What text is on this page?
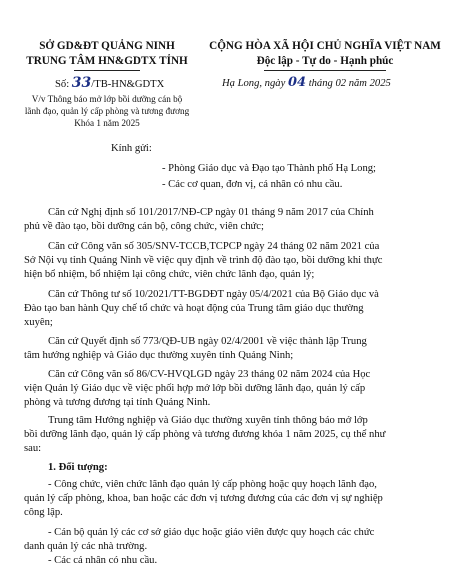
SỞ GD&ĐT QUẢNG NINH
TRUNG TÂM HN&GDTX TỈNH
Số: 33/TB-HN&GDTX
V/v Thông báo mở lớp bồi dưỡng cán bộ
lãnh đạo, quản lý cấp phòng và tương đương
Khóa 1 năm 2025
CỘNG HÒA XÃ HỘI CHỦ NGHĨA VIỆT NAM
Độc lập - Tự do - Hạnh phúc
Hạ Long, ngày 04 tháng 02 năm 2025
Kính gửi:
- Phòng Giáo dục và Đạo tạo Thành phố Hạ Long;
- Các cơ quan, đơn vị, cá nhân có nhu cầu.

Căn cứ Nghị định số 101/2017/NĐ-CP ngày 01 tháng 9 năm 2017 của Chính

phủ về đào tạo, bồi dưỡng cán bộ, công chức, viên chức;

Căn cứ Công văn số 305/SNV-TCCB,TCPCP ngày 24 tháng 02 năm 2021 của

Sở Nội vụ tỉnh Quảng Ninh về việc quy định về trình độ đào tạo, bồi dưỡng khi thực

hiện bổ nhiệm, bổ nhiệm lại công chức, viên chức lãnh đạo, quản lý;

Căn cứ Thông tư số 10/2021/TT-BGDĐT ngày 05/4/2021 của Bộ Giáo dục và

Đào tạo ban hành Quy chế tổ chức và hoạt động của Trung tâm giáo dục thường

xuyên;

Căn cứ Quyết định số 773/QĐ-UB ngày 02/4/2001 về việc thành lập Trung

tâm hướng nghiệp và Giáo dục thường xuyên tỉnh Quảng Ninh;

Căn cứ Công văn số 86/CV-HVQLGD ngày 23 tháng 02 năm 2024 của Học

viện Quản lý Giáo dục về việc phối hợp mở lớp bồi dưỡng lãnh đạo, quản lý cấp

phòng và tương đương tại tỉnh Quảng Ninh.

Trung tâm Hướng nghiệp và Giáo dục thường xuyên tỉnh thông báo mở lớp

bồi dưỡng lãnh đạo, quản lý cấp phòng và tương đương khóa 1 năm 2025, cụ thể như

sau:

1. Đối tượng:

- Công chức, viên chức lãnh đạo quản lý cấp phòng hoặc quy hoạch lãnh đạo,

quản lý cấp phòng, khoa, ban hoặc các đơn vị tương đương của các đơn vị sự nghiệp

công lập.

- Cán bộ quản lý các cơ sở giáo dục hoặc giáo viên được quy hoạch các chức

danh quản lý các nhà trường.

- Các cá nhân có nhu cầu.
